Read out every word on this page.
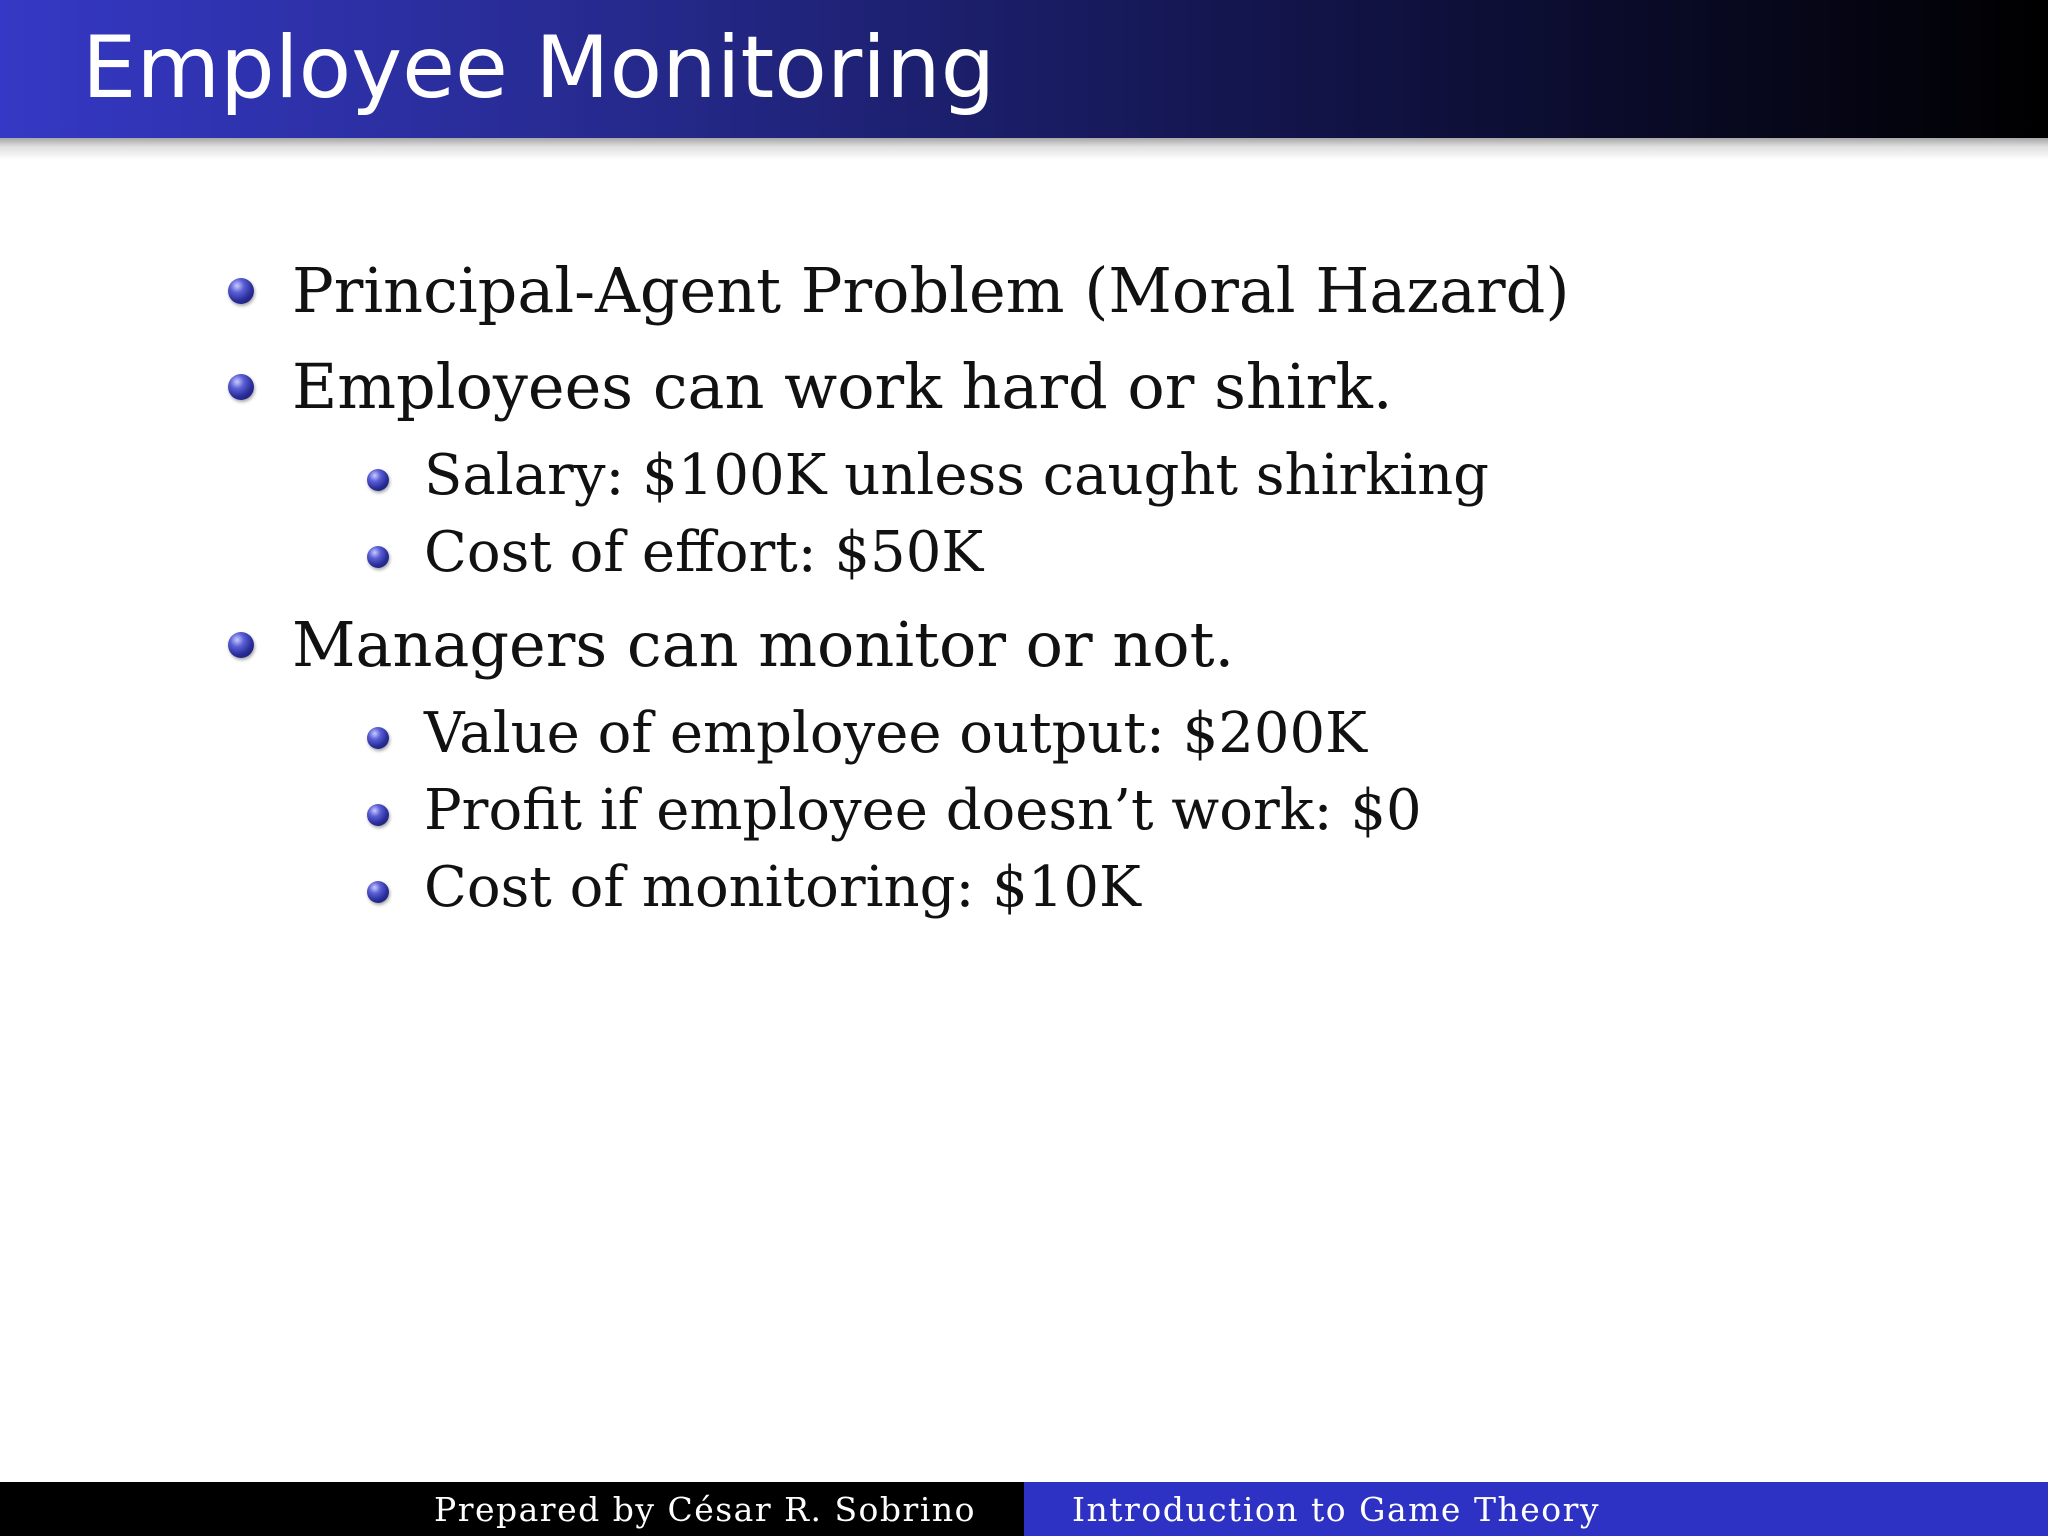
Employee Monitoring
Principal-Agent Problem (Moral Hazard)
Employees can work hard or shirk.
Salary: $100K unless caught shirking
Cost of effort: $50K
Managers can monitor or not.
Value of employee output: $200K
Profit if employee doesn’t work: $0
Cost of monitoring: $10K
Prepared by César R. Sobrino	Introduction to Game Theory
